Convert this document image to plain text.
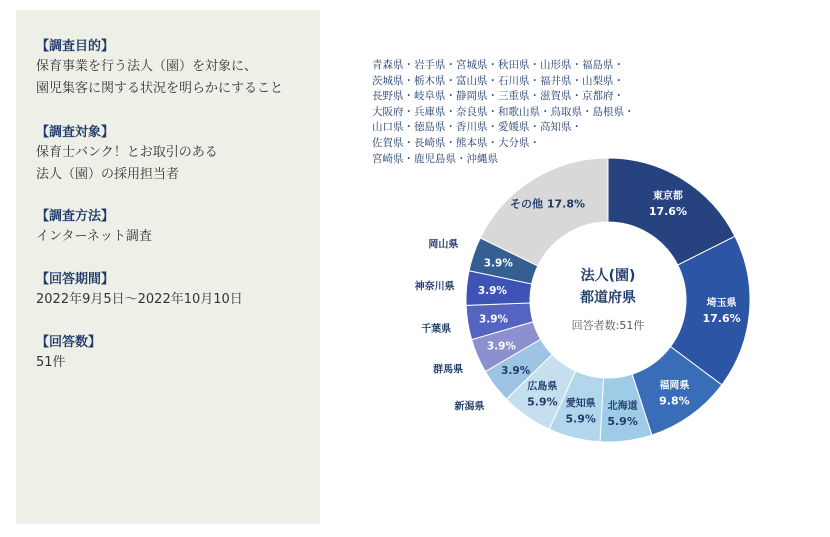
【調査目的】
保育事業を行う法人（園）を対象に、
園児集客に関する状況を明らかにすること
【調査対象】
保育士バンク！とお取引のある
法人（園）の採用担当者
【調査方法】
インターネット調査
【回答期間】
2022年9月5日～2022年10月10日
【回答数】
51件
青森県・岩手県・宮城県・秋田県・山形県・福島県・
茨城県・栃木県・富山県・石川県・福井県・山梨県・
長野県・岐阜県・静岡県・三重県・滋賀県・京都府・
大阪府・兵庫県・奈良県・和歌山県・鳥取県・島根県・
山口県・徳島県・香川県・愛媛県・高知県・
佐賀県・長崎県・熊本県・大分県・
宮崎県・鹿児島県・沖縄県
東京都
17.6%
埼玉県
17.6%
福岡県
9.8%
北海道
5.9%
愛知県
5.9%
広島県
5.9%
3.9%
新潟県
3.9%
群馬県
3.9%
千葉県
3.9%
神奈川県
3.9%
岡山県
その他 17.8%
法人(園)
都道府県
回答者数:51件
